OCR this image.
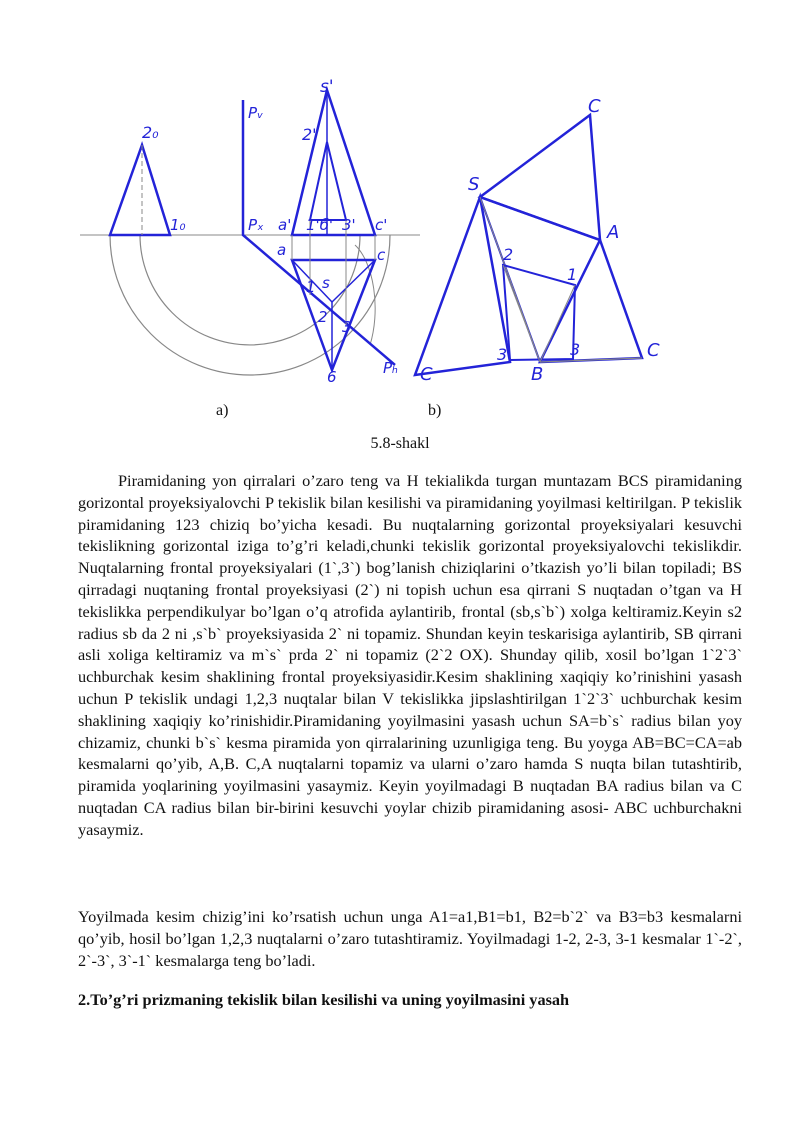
s'
2₀
1₀
Pᵥ
Pₓ
Pₕ
2'
a' 1'б' 3' c'
a	c
s
1
2
3
6
C
S
A
2
1
3	3
B
C
C
a)	b)
5.8-shakl
Piramidaning yon qirralari o’zaro teng va H tekialikda turgan muntazam BCS piramidaning gorizontal proyeksiyalovchi P tekislik bilan kesilishi va piramidaning yoyilmasi keltirilgan. P tekislik piramidaning 123 chiziq bo’yicha kesadi. Bu nuqtalarning gorizontal proyeksiyalari kesuvchi tekislikning gorizontal iziga to’g’ri keladi,chunki tekislik gorizontal proyeksiyalovchi tekislikdir. Nuqtalarning frontal proyeksiyalari (1`,3`) bog’lanish chiziqlarini o’tkazish yo’li bilan topiladi; BS qirradagi nuqtaning frontal proyeksiyasi (2`) ni topish uchun esa qirrani S nuqtadan o’tgan va H tekislikka perpendikulyar bo’lgan o’q atrofida aylantirib, frontal (sb,s`b`) xolga keltiramiz.Keyin s2 radius sb da 2 ni ,s`b` proyeksiyasida 2` ni topamiz. Shundan keyin teskarisiga aylantirib, SB qirrani asli xoliga keltiramiz va m`s` prda 2` ni topamiz (2`2 OX). Shunday qilib, xosil bo’lgan 1`2`3` uchburchak kesim shaklining frontal proyeksiyasidir.Kesim shaklining xaqiqiy ko’rinishini yasash uchun P tekislik undagi 1,2,3 nuqtalar bilan V tekislikka jipslashtirilgan 1`2`3` uchburchak kesim shaklining xaqiqiy ko’rinishidir.Piramidaning yoyilmasini yasash uchun SA=b`s` radius bilan yoy chizamiz, chunki b`s` kesma piramida yon qirralarining uzunligiga teng. Bu yoyga AB=BC=CA=ab kesmalarni qo’yib, A,B. C,A nuqtalarni topamiz va ularni o’zaro hamda S nuqta bilan tutashtirib, piramida yoqlarining yoyilmasini yasaymiz. Keyin yoyilmadagi B nuqtadan BA radius bilan va C nuqtadan CA radius bilan bir-birini kesuvchi yoylar chizib piramidaning asosi- ABC uchburchakni yasaymiz.
Yoyilmada kesim chizig’ini ko’rsatish uchun unga A1=a1,B1=b1, B2=b`2` va B3=b3 kesmalarni qo’yib, hosil bo’lgan 1,2,3 nuqtalarni o’zaro tutashtiramiz. Yoyilmadagi 1-2, 2-3, 3-1 kesmalar 1`-2`, 2`-3`, 3`-1` kesmalarga teng bo’ladi.
2.To’g’ri prizmaning tekislik bilan kesilishi va uning yoyilmasini yasah
